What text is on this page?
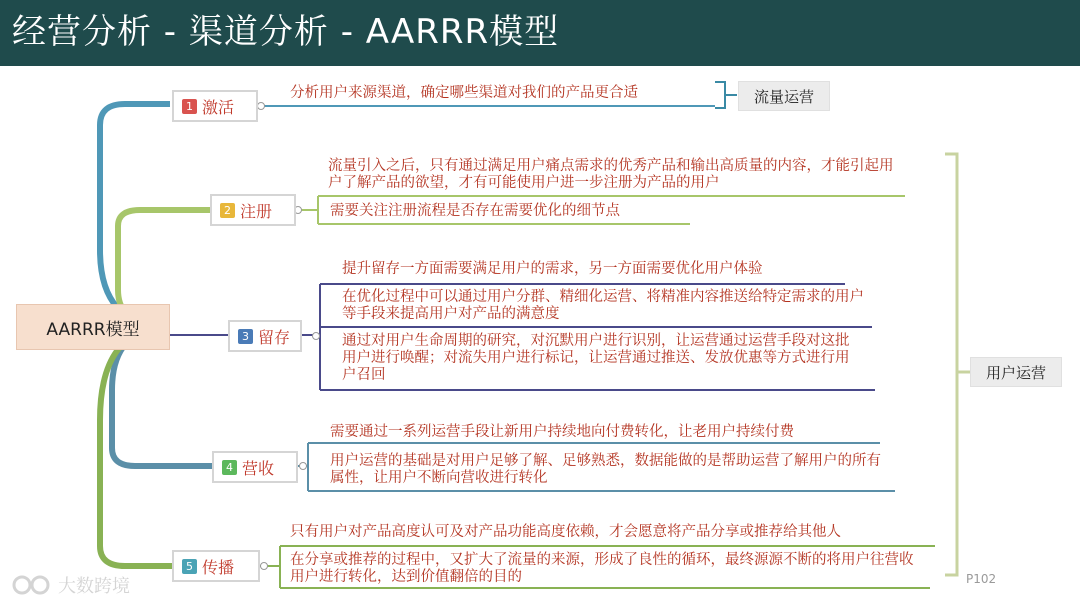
经营分析 - 渠道分析 - AARRR模型
AARRR模型
1 激活
分析用户来源渠道，确定哪些渠道对我们的产品更合适
2 注册
流量引入之后，只有通过满足用户痛点需求的优秀产品和输出高质量的内容，才能引起用户了解产品的欲望，才有可能使用户进一步注册为产品的用户
需要关注注册流程是否存在需要优化的细节点
3 留存
提升留存一方面需要满足用户的需求，另一方面需要优化用户体验
在优化过程中可以通过用户分群、精细化运营、将精准内容推送给特定需求的用户等手段来提高用户对产品的满意度
通过对用户生命周期的研究，对沉默用户进行识别，让运营通过运营手段对这批用户进行唤醒；对流失用户进行标记，让运营通过推送、发放优惠等方式进行用户召回
4 营收
需要通过一系列运营手段让新用户持续地向付费转化，让老用户持续付费
用户运营的基础是对用户足够了解、足够熟悉，数据能做的是帮助运营了解用户的所有属性，让用户不断向营收进行转化
5 传播
只有用户对产品高度认可及对产品功能高度依赖，才会愿意将产品分享或推荐给其他人
在分享或推荐的过程中，又扩大了流量的来源，形成了良性的循环，最终源源不断的将用户往营收用户进行转化，达到价值翻倍的目的
流量运营
用户运营
P102
大数跨境
